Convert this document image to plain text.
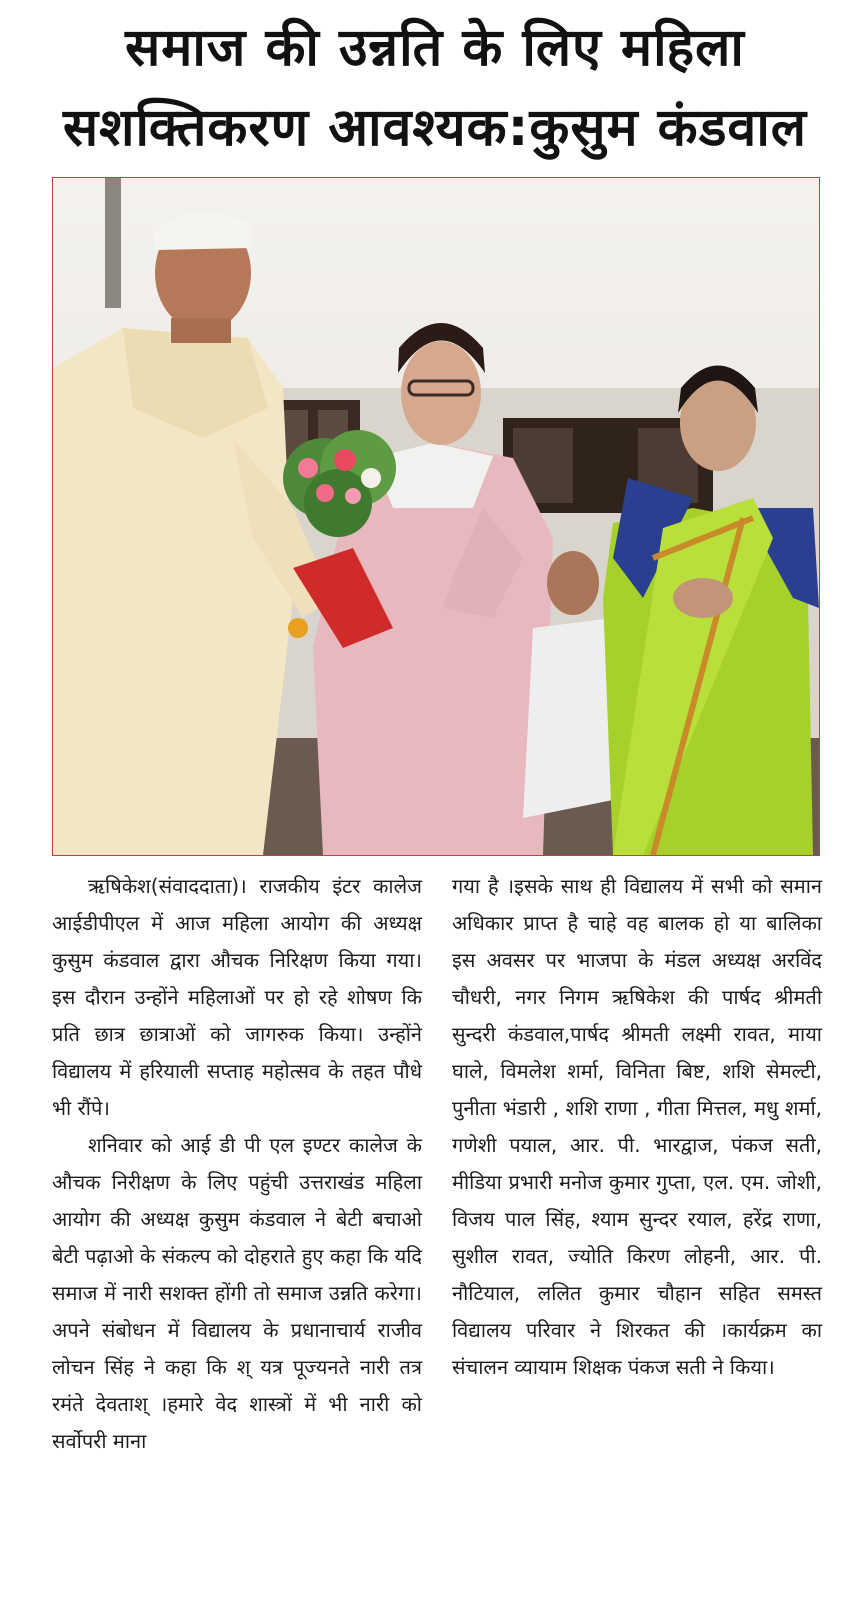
समाज की उन्नति के लिए महिला
सशक्तिकरण आवश्यक:कुसुम कंडवाल

ऋषिकेश(संवाददाता)। राजकीय इंटर कालेज आईडीपीएल में आज महिला आयोग की अध्यक्ष कुसुम कंडवाल द्वारा औचक निरिक्षण किया गया। इस दौरान उन्होंने महिलाओं पर हो रहे शोषण कि प्रति छात्र छात्राओं को जागरुक किया। उन्होंने विद्यालय में हरियाली सप्ताह महोत्सव के तहत पौधे भी रौंपे।

शनिवार को आई डी पी एल इण्टर कालेज के औचक निरीक्षण के लिए पहुंची उत्तराखंड महिला आयोग की अध्यक्ष कुसुम कंडवाल ने बेटी बचाओ बेटी पढ़ाओ के संकल्प को दोहराते हुए कहा कि यदि समाज में नारी सशक्त होंगी तो समाज उन्नति करेगा। अपने संबोधन में विद्यालय के प्रधानाचार्य राजीव लोचन सिंह ने कहा कि श् यत्र पूज्यनते नारी तत्र रमंते देवताश् ।हमारे वेद शास्त्रों में भी नारी को सर्वोपरी माना

गया है ।इसके साथ ही विद्यालय में सभी को समान अधिकार प्राप्त है चाहे वह बालक हो या बालिका इस अवसर पर भाजपा के मंडल अध्यक्ष अरविंद चौधरी, नगर निगम ऋषिकेश की पार्षद श्रीमती सुन्दरी कंडवाल,पार्षद श्रीमती लक्ष्मी रावत, माया घाले, विमलेश शर्मा, विनिता बिष्ट, शशि सेमल्टी, पुनीता भंडारी , शशि राणा , गीता मित्तल, मधु शर्मा, गणेशी पयाल, आर. पी. भारद्वाज, पंकज सती, मीडिया प्रभारी मनोज कुमार गुप्ता, एल. एम. जोशी, विजय पाल सिंह, श्याम सुन्दर रयाल, हरेंद्र राणा, सुशील रावत, ज्योति किरण लोहनी, आर. पी. नौटियाल, ललित कुमार चौहान सहित समस्त विद्यालय परिवार ने शिरकत की ।कार्यक्रम का संचालन व्यायाम शिक्षक पंकज सती ने किया।
